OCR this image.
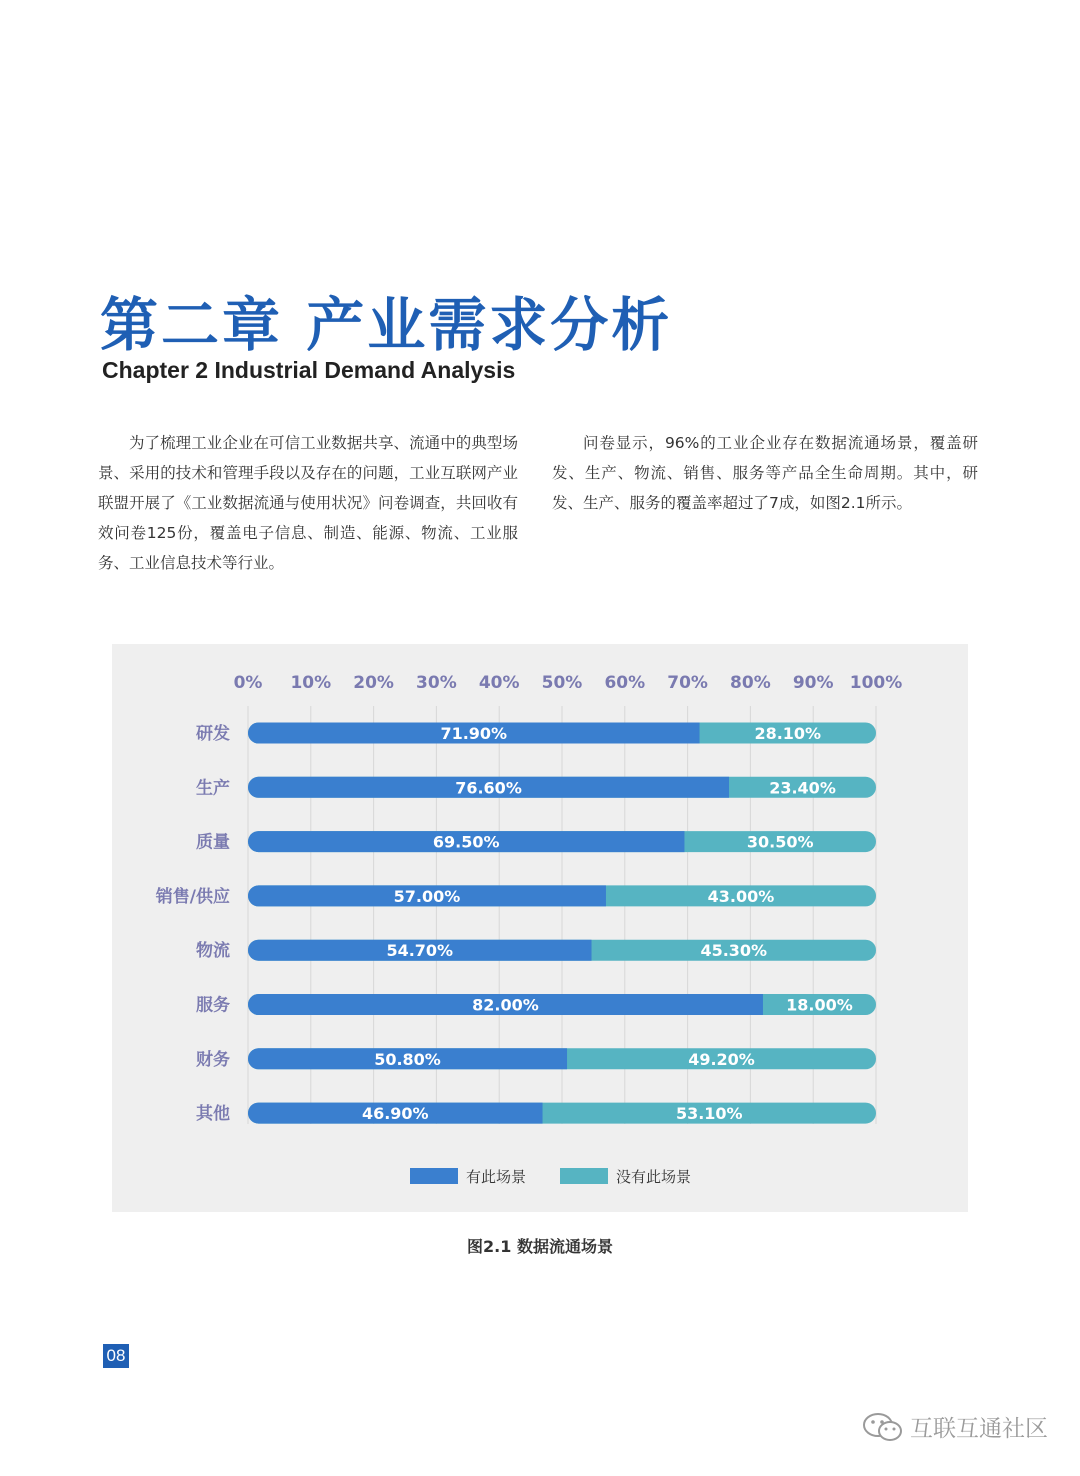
第二章 产业需求分析
Chapter 2 Industrial Demand Analysis

为了梳理工业企业在可信工业数据共享、流通中的典型场景、采用的技术和管理手段以及存在的问题，工业互联网产业联盟开展了《工业数据流通与使用状况》问卷调查，共回收有效问卷125份，覆盖电子信息、制造、能源、物流、工业服务、工业信息技术等行业。

问卷显示，96%的工业企业存在数据流通场景，覆盖研发、生产、物流、销售、服务等产品全生命周期。其中，研发、生产、服务的覆盖率超过了7成，如图2.1所示。

0% 10% 20% 30% 40% 50% 60% 70% 80% 90% 100%
研发	71.90%	28.10%
生产	76.60%	23.40%
质量	69.50%	30.50%
销售/供应	57.00%	43.00%
物流	54.70%	45.30%
服务	82.00%	18.00%
财务	50.80%	49.20%
其他	46.90%	53.10%
有此场景	没有此场景
图2.1 数据流通场景
08
互联互通社区
